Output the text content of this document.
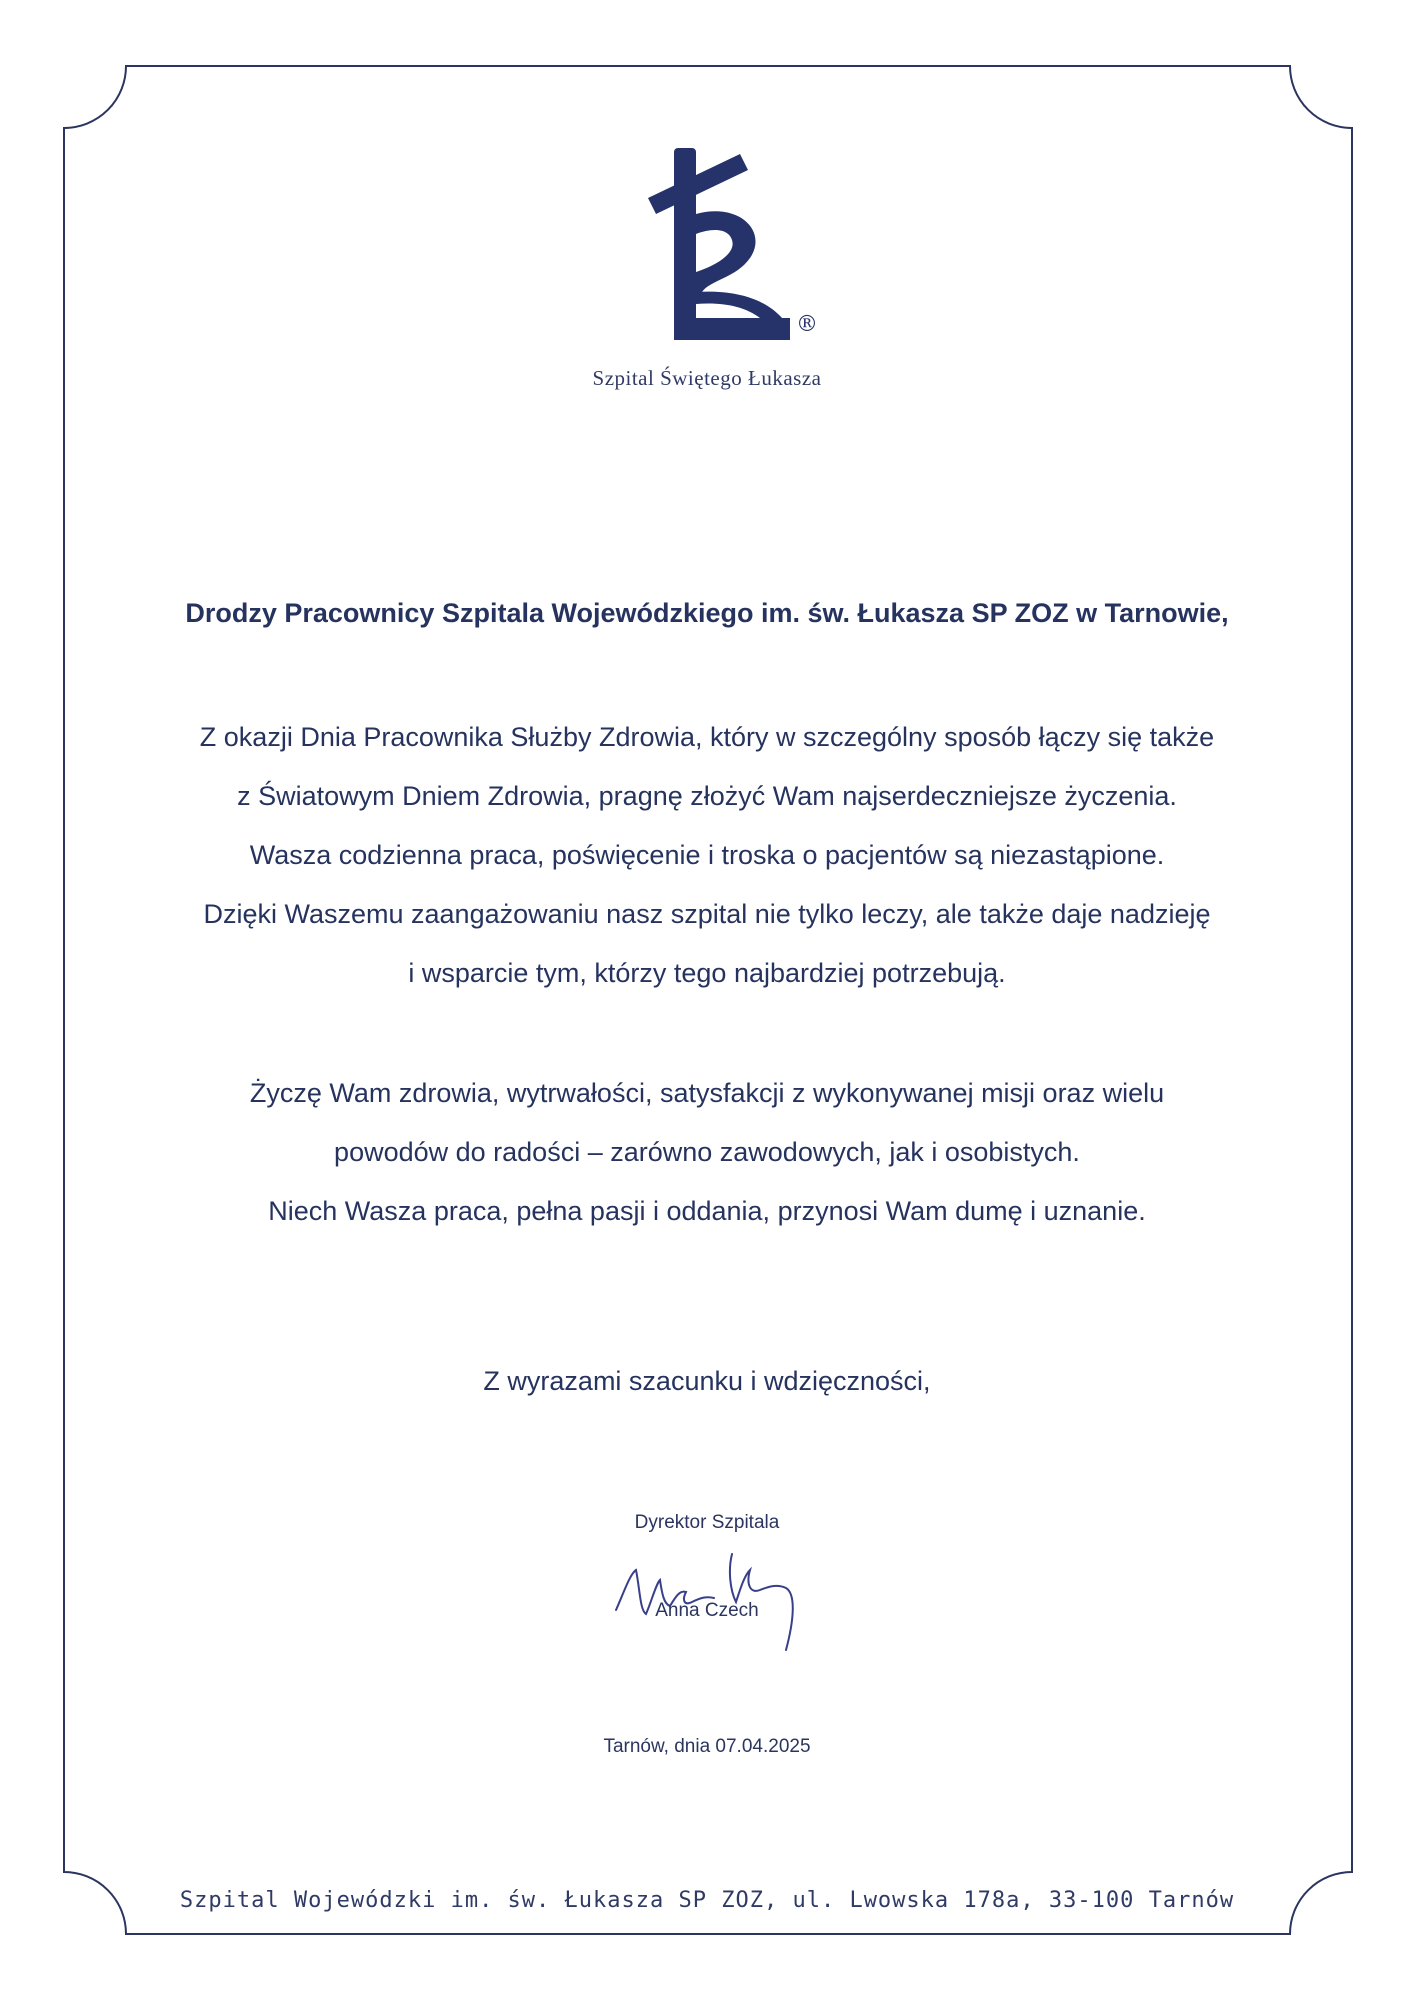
®
Szpital Świętego Łukasza
Drodzy Pracownicy Szpitala Wojewódzkiego im. św. Łukasza SP ZOZ w Tarnowie,
Z okazji Dnia Pracownika Służby Zdrowia, który w szczególny sposób łączy się także
z Światowym Dniem Zdrowia, pragnę złożyć Wam najserdeczniejsze życzenia.
Wasza codzienna praca, poświęcenie i troska o pacjentów są niezastąpione.
Dzięki Waszemu zaangażowaniu nasz szpital nie tylko leczy, ale także daje nadzieję
i wsparcie tym, którzy tego najbardziej potrzebują.
Życzę Wam zdrowia, wytrwałości, satysfakcji z wykonywanej misji oraz wielu
powodów do radości – zarówno zawodowych, jak i osobistych.
Niech Wasza praca, pełna pasji i oddania, przynosi Wam dumę i uznanie.
Z wyrazami szacunku i wdzięczności,
Dyrektor Szpitala
Anna Czech
Tarnów, dnia 07.04.2025
Szpital Wojewódzki im. św. Łukasza SP ZOZ, ul. Lwowska 178a, 33-100 Tarnów
